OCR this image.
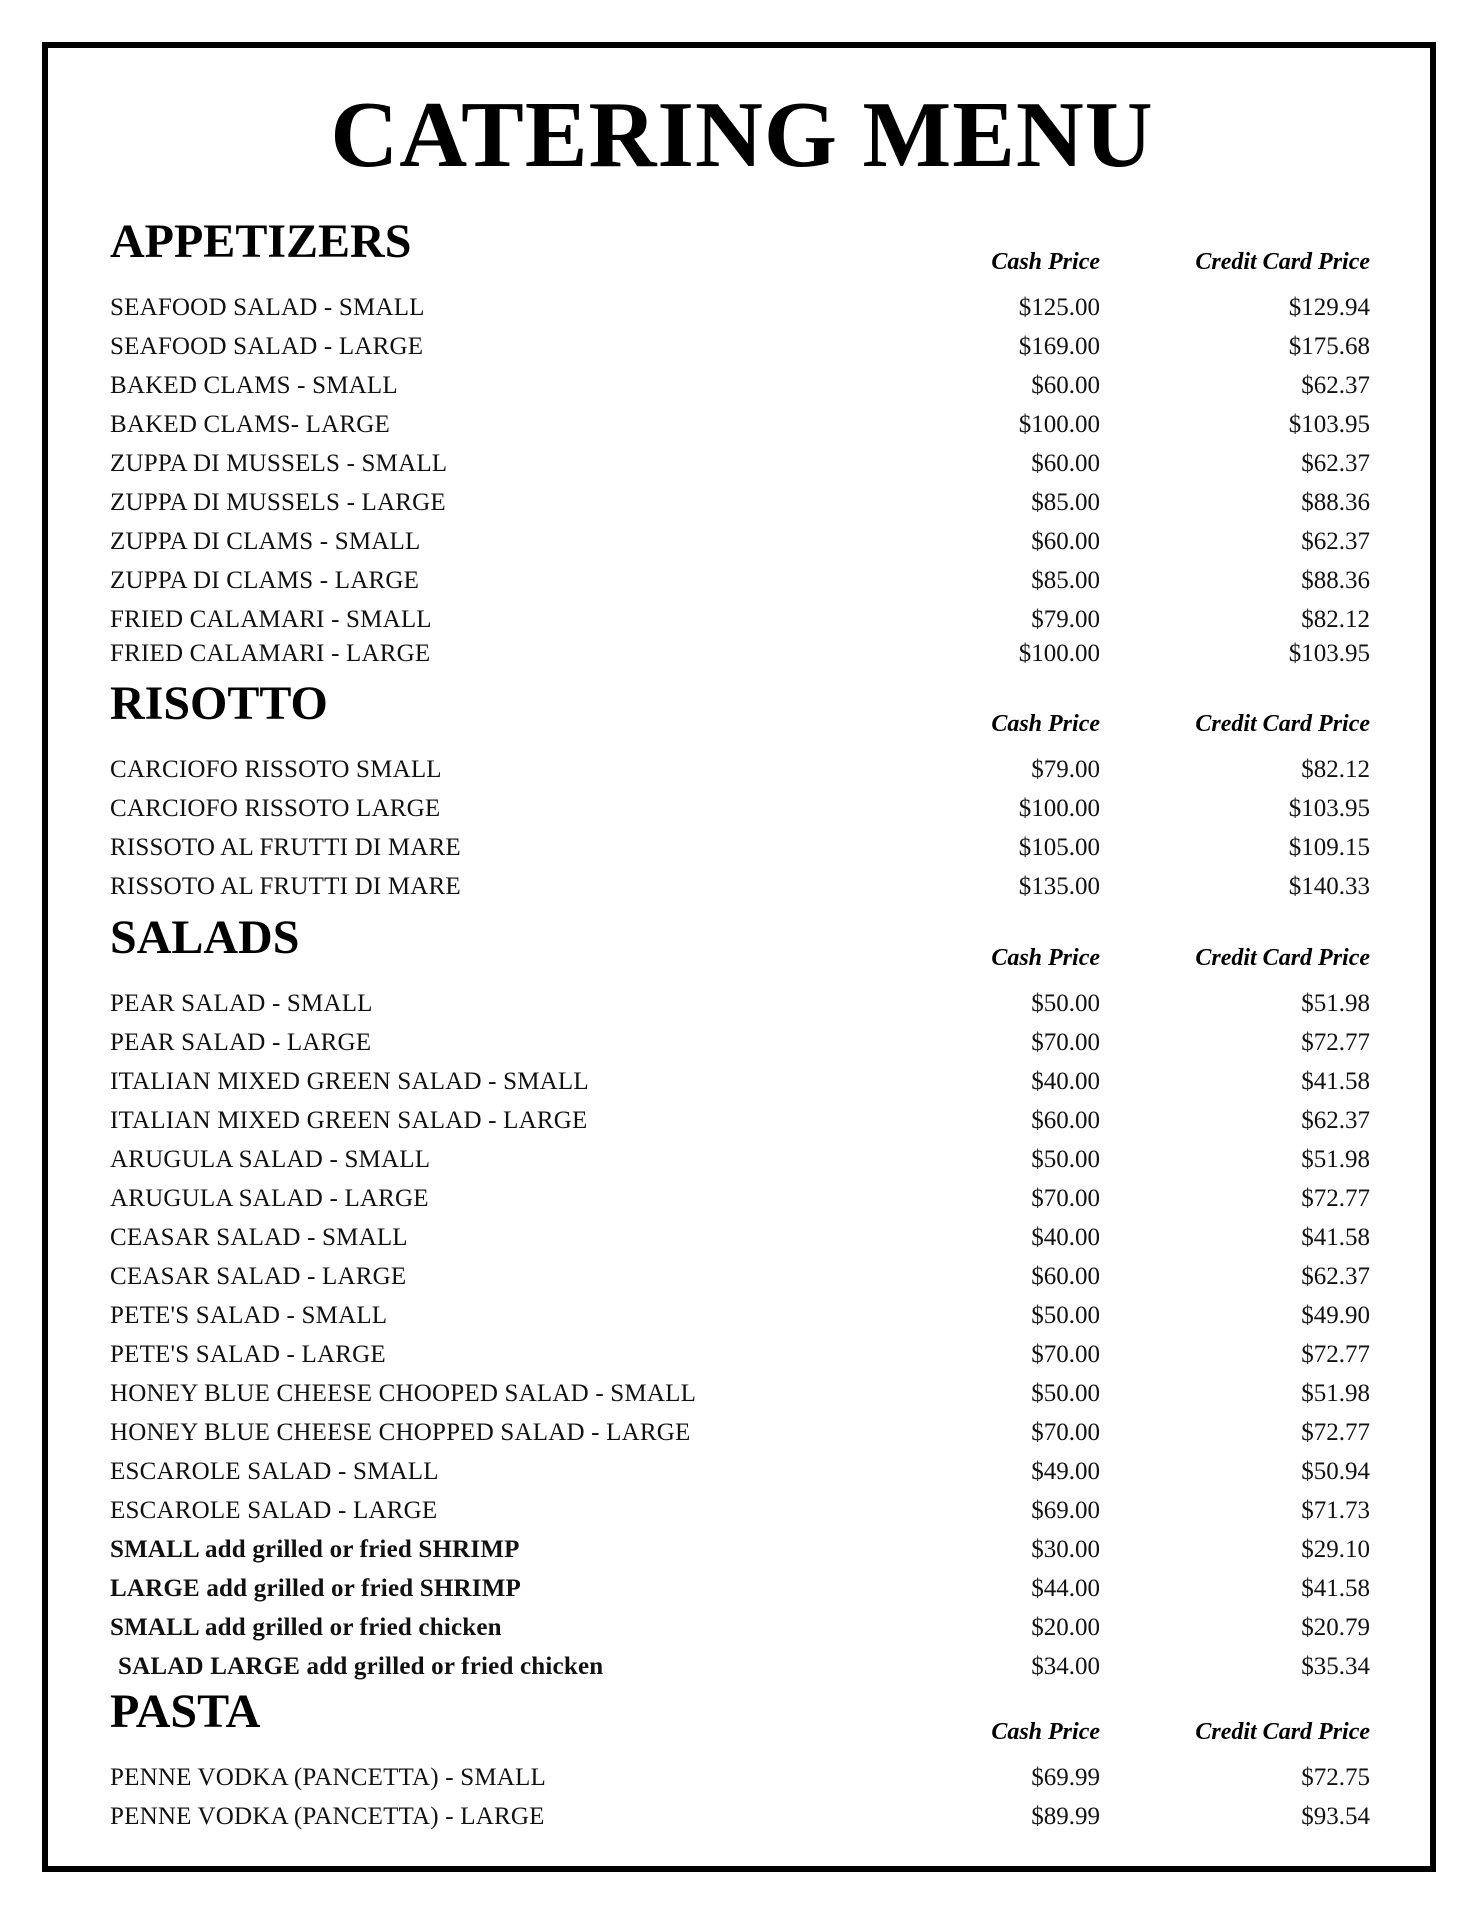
CATERING MENU
APPETIZERS	Cash Price	Credit Card Price
SEAFOOD SALAD - SMALL	$125.00	$129.94
SEAFOOD SALAD - LARGE	$169.00	$175.68
BAKED CLAMS - SMALL	$60.00	$62.37
BAKED CLAMS- LARGE	$100.00	$103.95
ZUPPA DI MUSSELS - SMALL	$60.00	$62.37
ZUPPA DI MUSSELS - LARGE	$85.00	$88.36
ZUPPA DI CLAMS - SMALL	$60.00	$62.37
ZUPPA DI CLAMS - LARGE	$85.00	$88.36
FRIED CALAMARI - SMALL	$79.00	$82.12
FRIED CALAMARI - LARGE	$100.00	$103.95
RISOTTO	Cash Price	Credit Card Price
CARCIOFO RISSOTO SMALL	$79.00	$82.12
CARCIOFO RISSOTO LARGE	$100.00	$103.95
RISSOTO AL FRUTTI DI MARE	$105.00	$109.15
RISSOTO AL FRUTTI DI MARE	$135.00	$140.33
SALADS	Cash Price	Credit Card Price
PEAR SALAD - SMALL	$50.00	$51.98
PEAR SALAD - LARGE	$70.00	$72.77
ITALIAN MIXED GREEN SALAD - SMALL	$40.00	$41.58
ITALIAN MIXED GREEN SALAD - LARGE	$60.00	$62.37
ARUGULA SALAD - SMALL	$50.00	$51.98
ARUGULA SALAD - LARGE	$70.00	$72.77
CEASAR SALAD - SMALL	$40.00	$41.58
CEASAR SALAD - LARGE	$60.00	$62.37
PETE'S SALAD - SMALL	$50.00	$49.90
PETE'S SALAD - LARGE	$70.00	$72.77
HONEY BLUE CHEESE CHOOPED SALAD - SMALL	$50.00	$51.98
HONEY BLUE CHEESE CHOPPED SALAD - LARGE	$70.00	$72.77
ESCAROLE SALAD - SMALL	$49.00	$50.94
ESCAROLE SALAD - LARGE	$69.00	$71.73
SMALL add grilled or fried SHRIMP	$30.00	$29.10
LARGE add grilled or fried SHRIMP	$44.00	$41.58
SMALL add grilled or fried chicken	$20.00	$20.79
SALAD LARGE add grilled or fried chicken	$34.00	$35.34
PASTA	Cash Price	Credit Card Price
PENNE VODKA (PANCETTA) - SMALL	$69.99	$72.75
PENNE VODKA (PANCETTA) - LARGE	$89.99	$93.54
